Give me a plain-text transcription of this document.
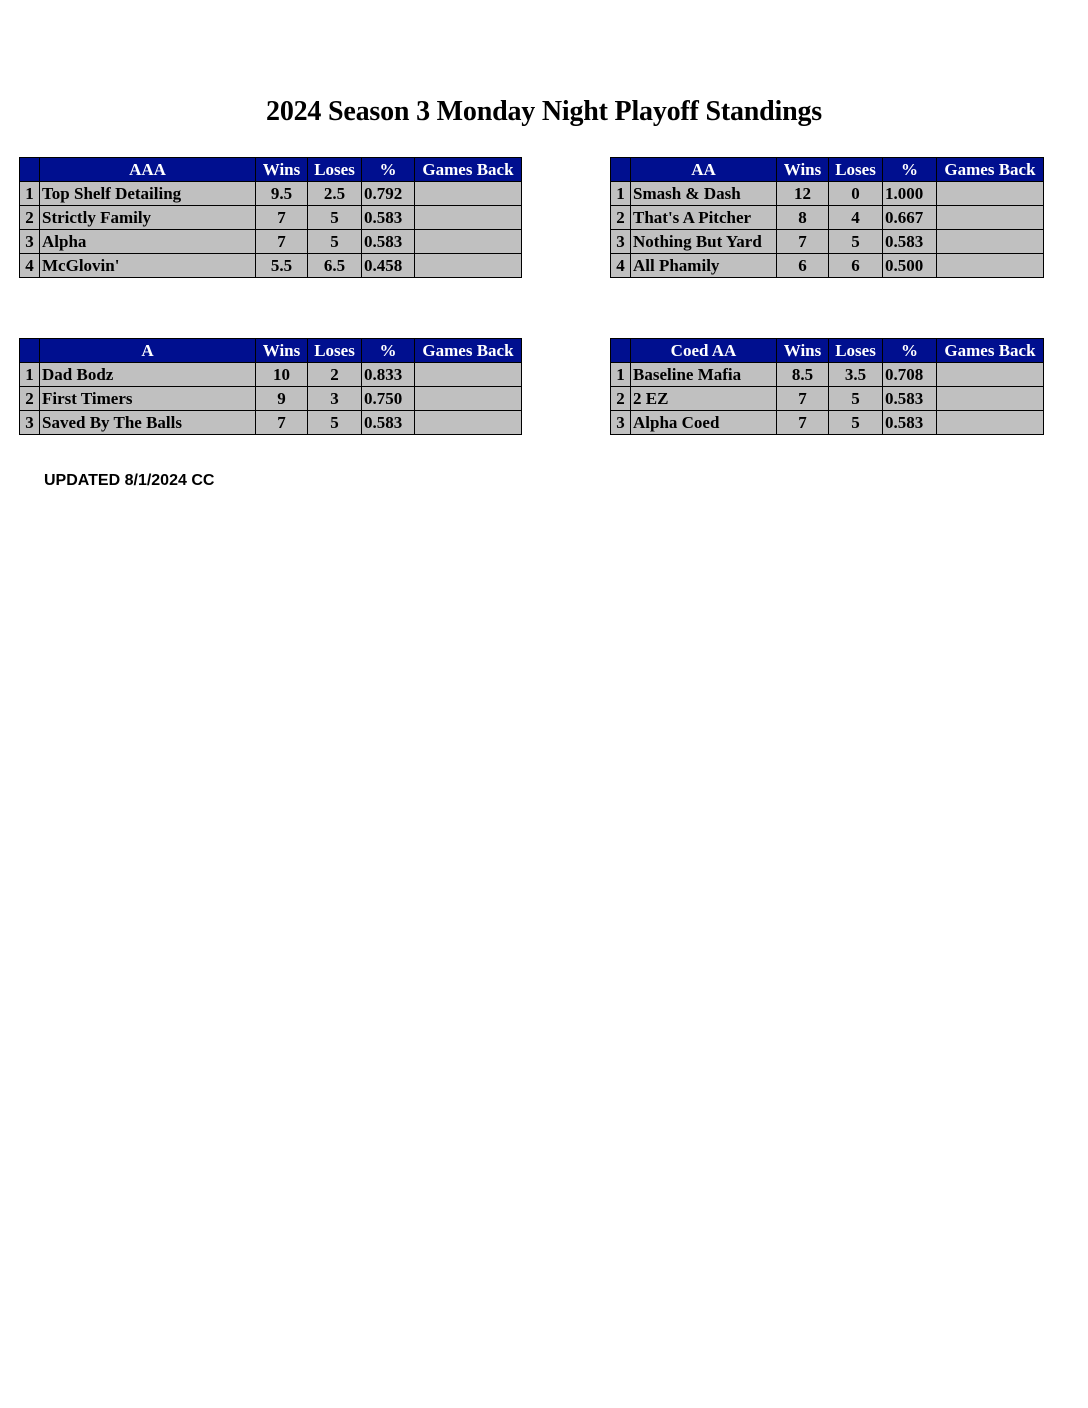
2024 Season 3 Monday Night Playoff Standings
	AAA	Wins	Loses	%	Games Back
1	Top Shelf Detailing	9.5	2.5	0.792	
2	Strictly Family	7	5	0.583	
3	Alpha	7	5	0.583	
4	McGlovin'	5.5	6.5	0.458	
	AA	Wins	Loses	%	Games Back
1	Smash & Dash	12	0	1.000	
2	That's A Pitcher	8	4	0.667	
3	Nothing But Yard	7	5	0.583	
4	All Phamily	6	6	0.500	
	A	Wins	Loses	%	Games Back
1	Dad Bodz	10	2	0.833	
2	First Timers	9	3	0.750	
3	Saved By The Balls	7	5	0.583	
	Coed AA	Wins	Loses	%	Games Back
1	Baseline Mafia	8.5	3.5	0.708	
2	2 EZ	7	5	0.583	
3	Alpha Coed	7	5	0.583	
UPDATED 8/1/2024 CC
